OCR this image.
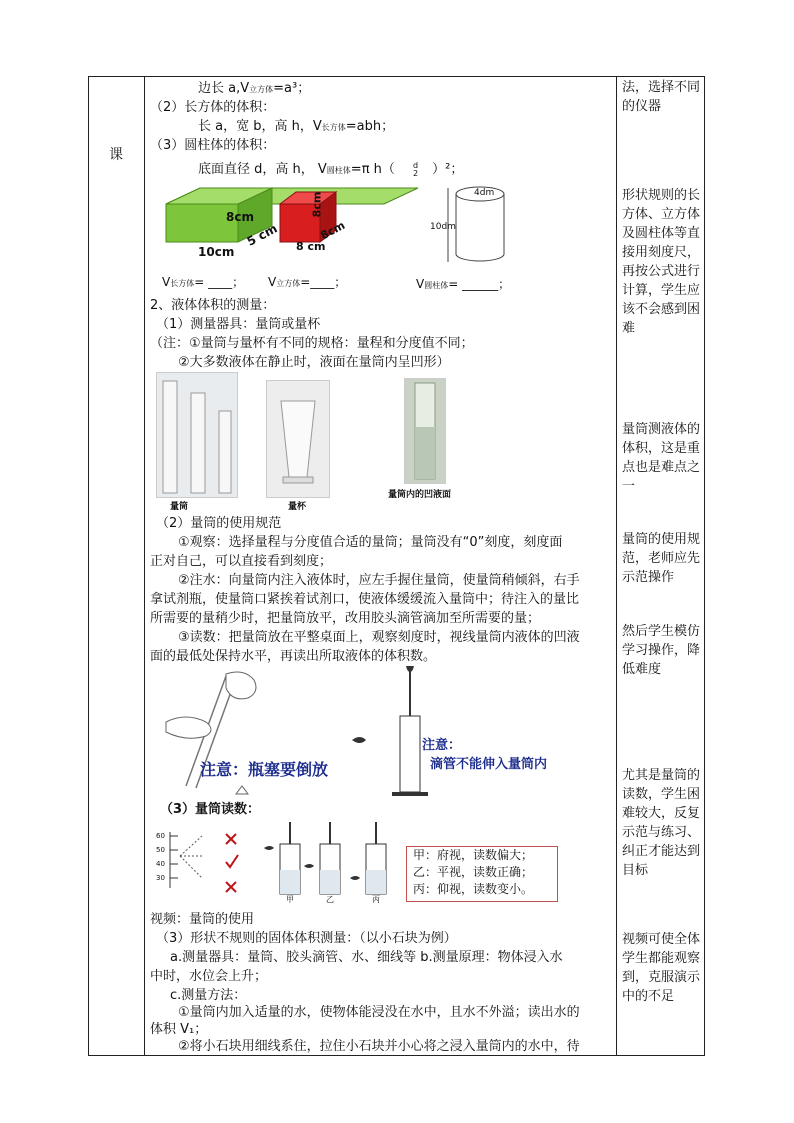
课
边长 a,V立方体=a³；
（2）长方体的体积：
长 a，宽 b，高 h，V长方体=abh；
（3）圆柱体的体积：
底面直径 d，高 h， V圆柱体=π h（ d
2 ）²；
8cm
5 cm
10cm
8cm
8cm
8 cm
4dm
10dm
V长方体= ____； V立方体=____；	V圆柱体= ______；
2、液体体积的测量：
（1）测量器具：量筒或量杯
（注：①量筒与量杯有不同的规格：量程和分度值不同；
②大多数液体在静止时，液面在量筒内呈凹形）
量筒	量杯
量筒内的凹液面
（2）量筒的使用规范
①观察：选择量程与分度值合适的量筒；量筒没有“0”刻度，刻度面
正对自己，可以直接看到刻度；
②注水：向量筒内注入液体时，应左手握住量筒，使量筒稍倾斜，右手
拿试剂瓶，使量筒口紧挨着试剂口，使液体缓缓流入量筒中；待注入的量比
所需要的量稍少时，把量筒放平，改用胶头滴管滴加至所需要的量；
③读数：把量筒放在平整桌面上，观察刻度时，视线量筒内液体的凹液
面的最低处保持水平，再读出所取液体的体积数。
注意：瓶塞要倒放
注意：
滴管不能伸入量筒内
（3）量筒读数：
60
50
40
30
甲	乙	丙
甲：府视，读数偏大；
乙：平视，读数正确；
丙：仰视，读数变小。
视频：量筒的使用
（3）形状不规则的固体体积测量：（以小石块为例）
a.测量器具：量筒、胶头滴管、水、细线等 b.测量原理：物体浸入水
中时，水位会上升；
c.测量方法：
①量筒内加入适量的水，使物体能浸没在水中，且水不外溢；读出水的
体积 V₁；
②将小石块用细线系住，拉住小石块并小心将之浸入量筒内的水中，待
法，选择不同的仪器
形状规则的长方体、立方体及圆柱体等直接用刻度尺，再按公式进行计算，学生应该不会感到困难
量筒测液体的体积，这是重点也是难点之一
量筒的使用规范，老师应先示范操作
然后学生模仿学习操作，降低难度
尤其是量筒的读数，学生困难较大，反复示范与练习、纠正才能达到目标
视频可使全体学生都能观察到，克服演示中的不足
